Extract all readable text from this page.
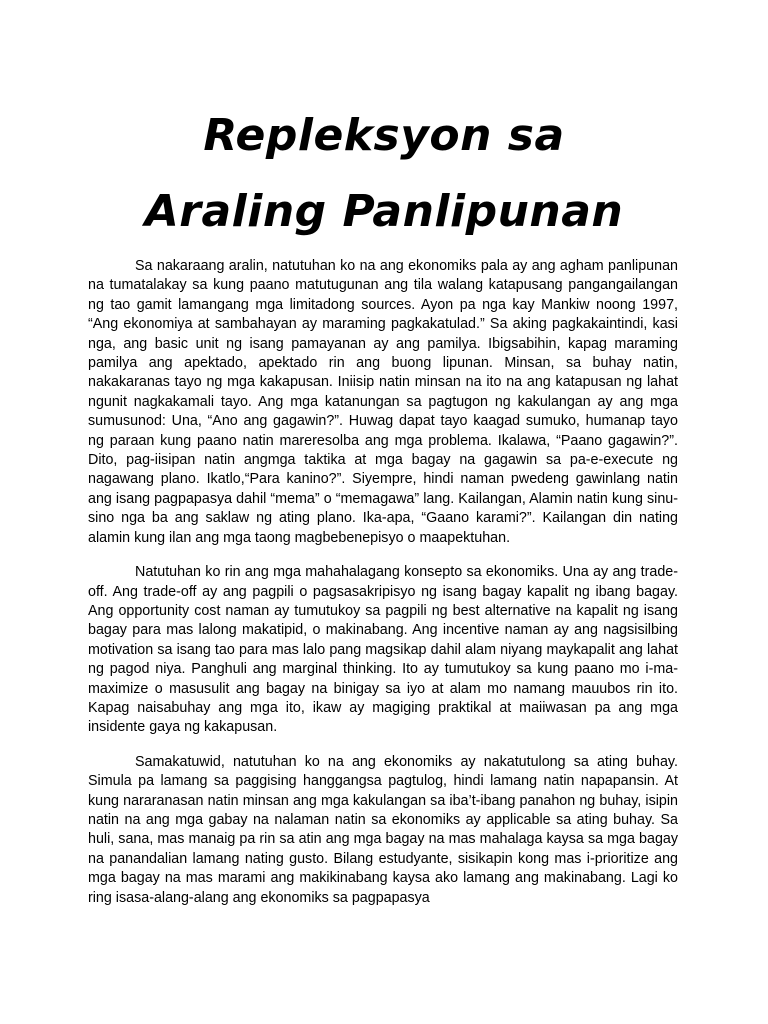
Repleksyon sa
Araling Panlipunan

Sa nakaraang aralin, natutuhan ko na ang ekonomiks pala ay ang agham panlipunan na tumatalakay sa kung paano matutugunan ang tila walang katapusang pangangailangan ng tao gamit lamangang mga limitadong sources. Ayon pa nga kay Mankiw noong 1997, “Ang ekonomiya at sambahayan ay maraming pagkakatulad.” Sa aking pagkakaintindi, kasi nga, ang basic unit ng isang pamayanan ay ang pamilya. Ibigsabihin, kapag maraming pamilya ang apektado, apektado rin ang buong lipunan. Minsan, sa buhay natin, nakakaranas tayo ng mga kakapusan. Iniisip natin minsan na ito na ang katapusan ng lahat ngunit nagkakamali tayo. Ang mga katanungan sa pagtugon ng kakulangan ay ang mga sumusunod: Una, “Ano ang gagawin?”. Huwag dapat tayo kaagad sumuko, humanap tayo ng paraan kung paano natin mareresolba ang mga problema. Ikalawa, “Paano gagawin?”. Dito, pag-iisipan natin angmga taktika at mga bagay na gagawin sa pa-e-execute ng nagawang plano. Ikatlo,“Para kanino?”. Siyempre, hindi naman pwedeng gawinlang natin ang isang pagpapasya dahil “mema” o “memagawa” lang. Kailangan, Alamin natin kung sinu-sino nga ba ang saklaw ng ating plano. Ika-apa, “Gaano karami?”. Kailangan din nating alamin kung ilan ang mga taong magbebenepisyo o maapektuhan.

Natutuhan ko rin ang mga mahahalagang konsepto sa ekonomiks. Una ay ang trade-off. Ang trade-off ay ang pagpili o pagsasakripisyo ng isang bagay kapalit ng ibang bagay. Ang opportunity cost naman ay tumutukoy sa pagpili ng best alternative na kapalit ng isang bagay para mas lalong makatipid, o makinabang. Ang incentive naman ay ang nagsisilbing motivation sa isang tao para mas lalo pang magsikap dahil alam niyang maykapalit ang lahat ng pagod niya. Panghuli ang marginal thinking. Ito ay tumutukoy sa kung paano mo i-ma-maximize o masusulit ang bagay na binigay sa iyo at alam mo namang mauubos rin ito. Kapag naisabuhay ang mga ito, ikaw ay magiging praktikal at maiiwasan pa ang mga insidente gaya ng kakapusan.

Samakatuwid, natutuhan ko na ang ekonomiks ay nakatutulong sa ating buhay. Simula pa lamang sa paggising hanggangsa pagtulog, hindi lamang natin napapansin. At kung nararanasan natin minsan ang mga kakulangan sa iba’t-ibang panahon ng buhay, isipin natin na ang mga gabay na nalaman natin sa ekonomiks ay applicable sa ating buhay. Sa huli, sana, mas manaig pa rin sa atin ang mga bagay na mas mahalaga kaysa sa mga bagay na panandalian lamang nating gusto. Bilang estudyante, sisikapin kong mas i-prioritize ang mga bagay na mas marami ang makikinabang kaysa ako lamang ang makinabang. Lagi ko ring isasa-alang-alang ang ekonomiks sa pagpapasya
